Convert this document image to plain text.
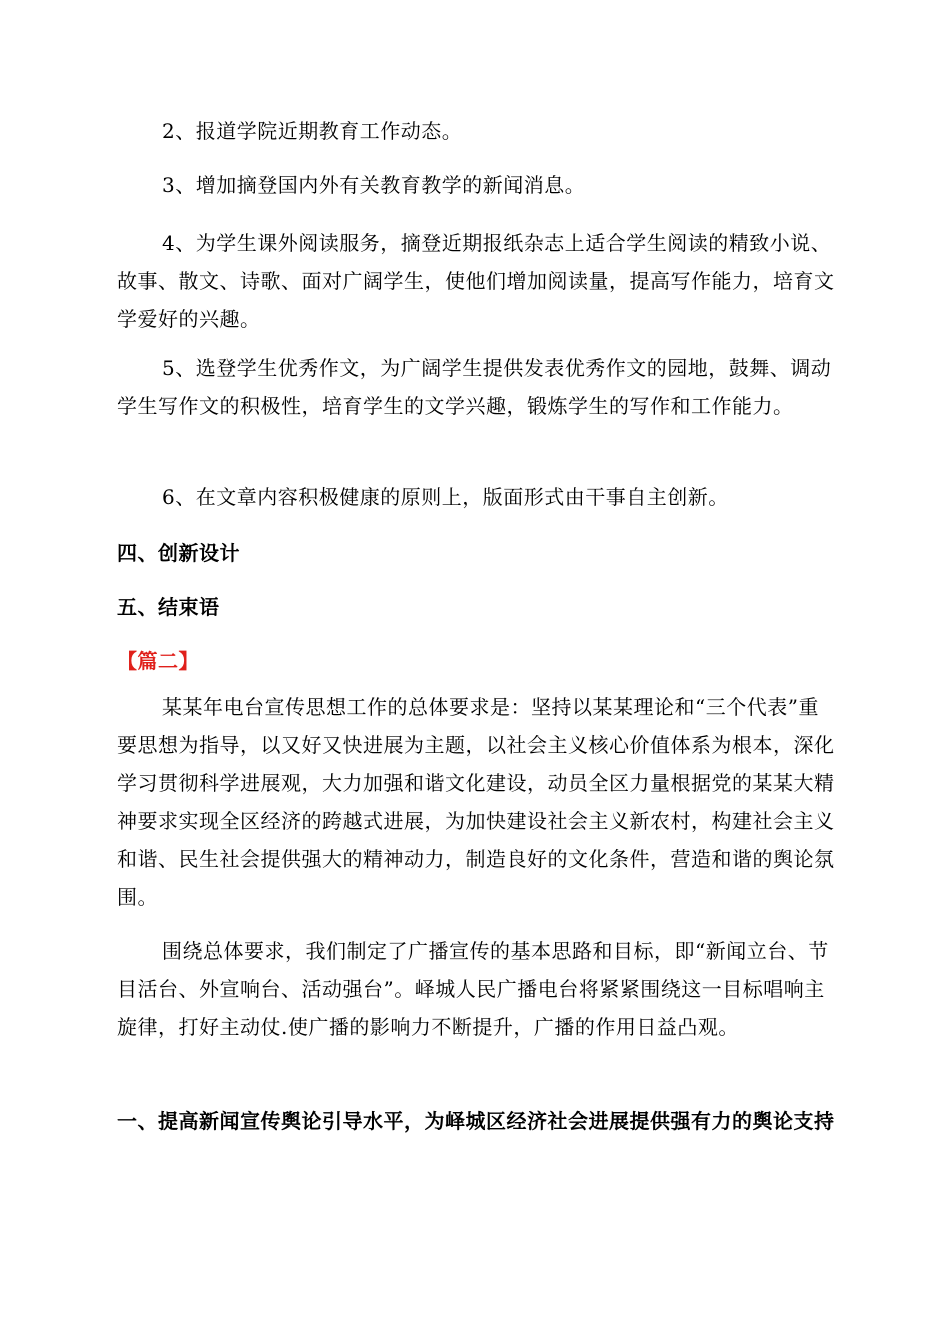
2、报道学院近期教育工作动态。

3、增加摘登国内外有关教育教学的新闻消息。

4、为学生课外阅读服务，摘登近期报纸杂志上适合学生阅读的精致小说、故事、散文、诗歌、面对广阔学生，使他们增加阅读量，提高写作能力，培育文学爱好的兴趣。

5、选登学生优秀作文，为广阔学生提供发表优秀作文的园地，鼓舞、调动学生写作文的积极性，培育学生的文学兴趣，锻炼学生的写作和工作能力。

6、在文章内容积极健康的原则上，版面形式由干事自主创新。

四、创新设计

五、结束语

【篇二】

某某年电台宣传思想工作的总体要求是：坚持以某某理论和“三个代表”重要思想为指导，以又好又快进展为主题，以社会主义核心价值体系为根本，深化学习贯彻科学进展观，大力加强和谐文化建设，动员全区力量根据党的某某大精神要求实现全区经济的跨越式进展，为加快建设社会主义新农村，构建社会主义和谐、民生社会提供强大的精神动力，制造良好的文化条件，营造和谐的舆论氛围。

围绕总体要求，我们制定了广播宣传的基本思路和目标，即“新闻立台、节目活台、外宣响台、活动强台”。峄城人民广播电台将紧紧围绕这一目标唱响主旋律，打好主动仗.使广播的影响力不断提升，广播的作用日益凸观。

一、提高新闻宣传舆论引导水平，为峄城区经济社会进展提供强有力的舆论支持
